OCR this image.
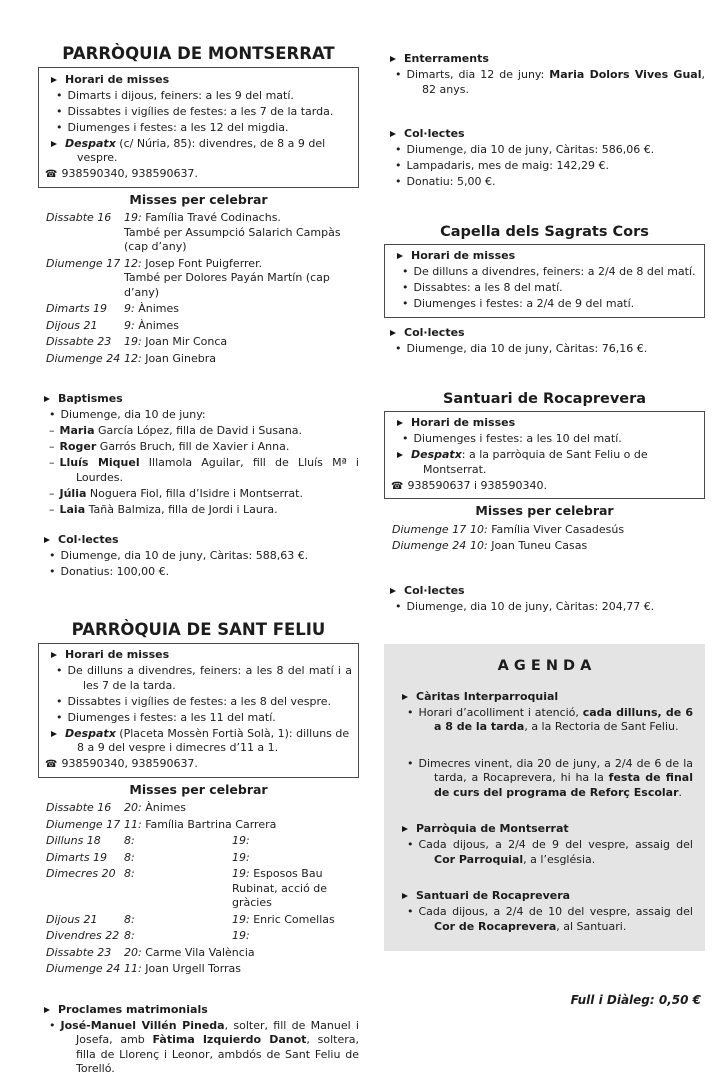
PARRÒQUIA DE MONTSERRAT
Horari de misses
• Dimarts i dijous, feiners: a les 9 del matí.
• Dissabtes i vigílies de festes: a les 7 de la tarda.
• Diumenges i festes: a les 12 del migdia.
Despatx (c/ Núria, 85): divendres, de 8 a 9 del vespre.
☎ 938590340, 938590637.
Misses per celebrar
Dissabte 16	19: Família Travé Codinachs.
També per Assumpció Salarich Campàs (cap d’any)
Diumenge 17 12: Josep Font Puigferrer.
També per Dolores Payán Martín (cap d’any)
Dimarts 19	9: Ànimes
Dijous 21	9: Ànimes
Dissabte 23	19: Joan Mir Conca
Diumenge 24 12: Joan Ginebra
Baptismes
• Diumenge, dia 10 de juny:
– Maria García López, filla de David i Susana.
– Roger Garrós Bruch, fill de Xavier i Anna.
– Lluís Miquel Illamola Aguilar, fill de Lluís Mª i Lourdes.
– Júlia Noguera Fiol, filla d’Isidre i Montserrat.
– Laia Tañà Balmiza, filla de Jordi i Laura.
Col·lectes
• Diumenge, dia 10 de juny, Càritas: 588,63 €.
• Donatius: 100,00 €.
PARRÒQUIA DE SANT FELIU
Horari de misses
• De dilluns a divendres, feiners: a les 8 del matí i a les 7 de la tarda.
• Dissabtes i vigílies de festes: a les 8 del vespre.
• Diumenges i festes: a les 11 del matí.
Despatx (Placeta Mossèn Fortià Solà, 1): dilluns de 8 a 9 del vespre i dimecres d’11 a 1.
☎ 938590340, 938590637.
Misses per celebrar
Dissabte 16	20: Ànimes
Diumenge 17 11: Família Bartrina Carrera
Dilluns 18	8:	19:
Dimarts 19	8:	19:
Dimecres 20 8:	19: Esposos Bau Rubinat, acció de gràcies
Dijous 21	8:	19: Enric Comellas
Divendres 22 8:	19:
Dissabte 23	20: Carme Vila València
Diumenge 24 11: Joan Urgell Torras
Proclames matrimonials
• José-Manuel Villén Pineda, solter, fill de Manuel i Josefa, amb Fàtima Izquierdo Danot, soltera, filla de Llorenç i Leonor, ambdós de Sant Feliu de Torelló.
Enterraments
• Dimarts, dia 12 de juny: Maria Dolors Vives Gual, 82 anys.
Col·lectes
• Diumenge, dia 10 de juny, Càritas: 586,06 €.
• Lampadaris, mes de maig: 142,29 €.
• Donatiu: 5,00 €.
Capella dels Sagrats Cors
Horari de misses
• De dilluns a divendres, feiners: a 2/4 de 8 del matí.
• Dissabtes: a les 8 del matí.
• Diumenges i festes: a 2/4 de 9 del matí.
Col·lectes
• Diumenge, dia 10 de juny, Càritas: 76,16 €.
Santuari de Rocaprevera
Horari de misses
• Diumenges i festes: a les 10 del matí.
Despatx: a la parròquia de Sant Feliu o de Montserrat.
☎ 938590637 i 938590340.
Misses per celebrar
Diumenge 17 10: Família Viver Casadesús
Diumenge 24 10: Joan Tuneu Casas
Col·lectes
• Diumenge, dia 10 de juny, Càritas: 204,77 €.
A G E N D A
Càritas Interparroquial
• Horari d’acolliment i atenció, cada dilluns, de 6 a 8 de la tarda, a la Rectoria de Sant Feliu.
• Dimecres vinent, dia 20 de juny, a 2/4 de 6 de la tarda, a Rocaprevera, hi ha la festa de final de curs del programa de Reforç Escolar.
Parròquia de Montserrat
• Cada dijous, a 2/4 de 9 del vespre, assaig del Cor Parroquial, a l’església.
Santuari de Rocaprevera
• Cada dijous, a 2/4 de 10 del vespre, assaig del Cor de Rocaprevera, al Santuari.
Full i Diàleg: 0,50 €
